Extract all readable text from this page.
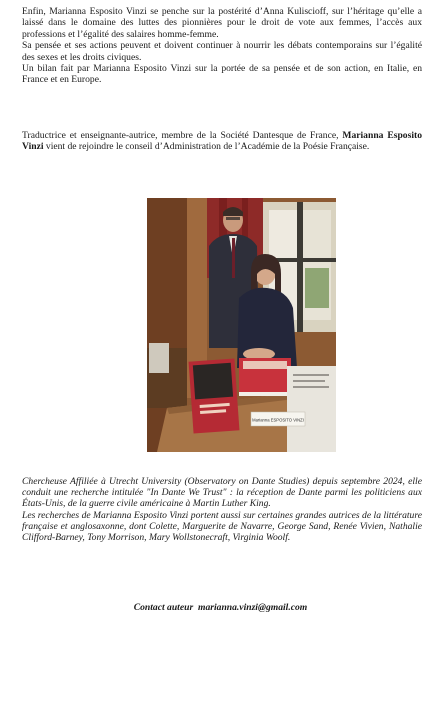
Enfin, Marianna Esposito Vinzi se penche sur la postérité d’Anna Kuliscioff, sur l’héritage qu’elle a laissé dans le domaine des luttes des pionnières pour le droit de vote aux femmes, l’accès aux professions et l’égalité des salaires homme-femme.

Sa pensée et ses actions peuvent et doivent continuer à nourrir les débats contemporains sur l’égalité des sexes et les droits civiques.

Un bilan fait par Marianna Esposito Vinzi sur la portée de sa pensée et de son action, en Italie, en France et en Europe.

Traductrice et enseignante-autrice, membre de la Société Dantesque de France, Marianna Esposito Vinzi vient de rejoindre le conseil d’Administration de l’Académie de la Poésie Française.

Marianna ESPOSITO VINZI

Chercheuse Affiliée à Utrecht University (Observatory on Dante Studies) depuis septembre 2024, elle conduit une recherche intitulée "In Dante We Trust" : la réception de Dante parmi les politiciens aux États-Unis, de la guerre civile américaine à Martin Luther King.

Les recherches de Marianna Esposito Vinzi portent aussi sur certaines grandes autrices de la littérature française et anglosaxonne, dont Colette, Marguerite de Navarre, George Sand, Renée Vivien, Nathalie Clifford-Barney, Tony Morrison, Mary Wollstonecraft, Virginia Woolf.

Contact auteur marianna.vinzi@gmail.com
